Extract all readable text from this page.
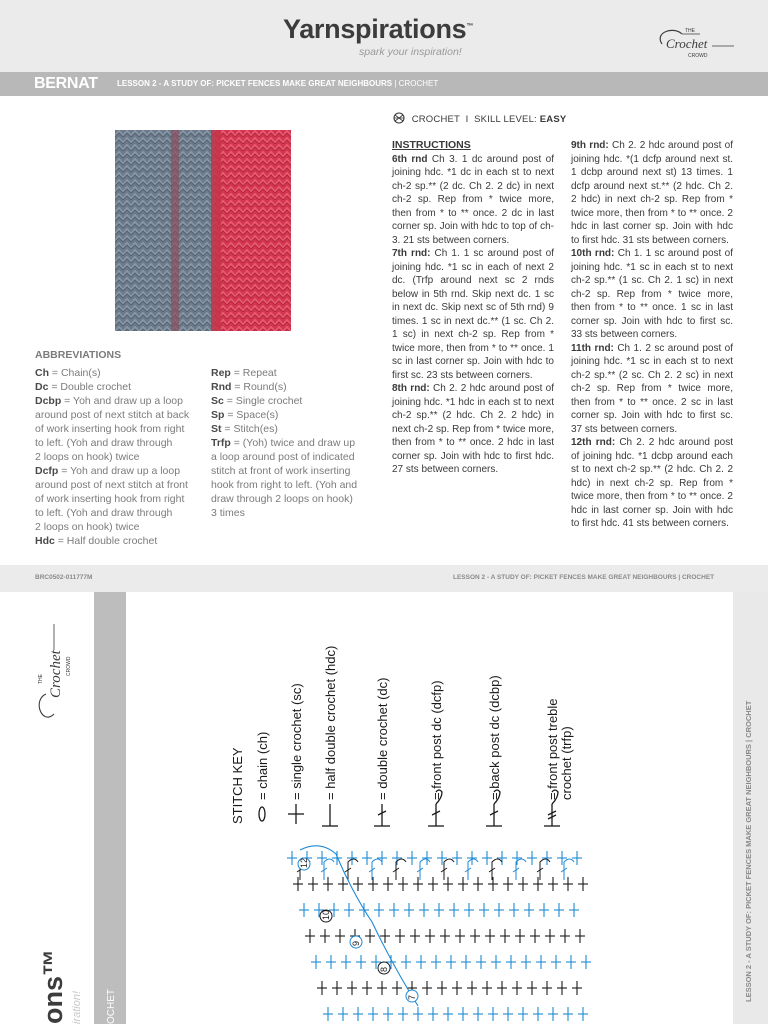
Yarnspirations™
spark your inspiration!
THE
Crochet
CROWD
BERNAT LESSON 2 - A STUDY OF: PICKET FENCES MAKE GREAT NEIGHBOURS | CROCHET
ABBREVIATIONS
Ch = Chain(s)
Dc = Double crochet
Dcbp = Yoh and draw up a loop
around post of next stitch at back
of work inserting hook from right
to left. (Yoh and draw through
2 loops on hook) twice
Dcfp = Yoh and draw up a loop
around post of next stitch at front
of work inserting hook from right
to left. (Yoh and draw through
2 loops on hook) twice
Hdc = Half double crochet
Rep = Repeat
Rnd = Round(s)
Sc = Single crochet
Sp = Space(s)
St = Stitch(es)
Trfp = (Yoh) twice and draw up
a loop around post of indicated
stitch at front of work inserting
hook from right to left. (Yoh and
draw through 2 loops on hook)
3 times
CROCHET I SKILL LEVEL: EASY
INSTRUCTIONS
6th rnd Ch 3. 1 dc around post of joining hdc. *1 dc in each st to next ch-2 sp.** (2 dc. Ch 2. 2 dc) in next ch-2 sp. Rep from * twice more, then from * to ** once. 2 dc in last corner sp. Join with hdc to top of ch-3. 21 sts between corners.
7th rnd: Ch 1. 1 sc around post of joining hdc. *1 sc in each of next 2 dc. (Trfp around next sc 2 rnds below in 5th rnd. Skip next dc. 1 sc in next dc. Skip next sc of 5th rnd) 9 times. 1 sc in next dc.** (1 sc. Ch 2. 1 sc) in next ch-2 sp. Rep from * twice more, then from * to ** once. 1 sc in last corner sp. Join with hdc to first sc. 23 sts between corners.
8th rnd: Ch 2. 2 hdc around post of joining hdc. *1 hdc in each st to next ch-2 sp.** (2 hdc. Ch 2. 2 hdc) in next ch-2 sp. Rep from * twice more, then from * to ** once. 2 hdc in last corner sp. Join with hdc to first hdc. 27 sts between corners.
9th rnd: Ch 2. 2 hdc around post of joining hdc. *(1 dcfp around next st. 1 dcbp around next st) 13 times. 1 dcfp around next st.** (2 hdc. Ch 2. 2 hdc) in next ch-2 sp. Rep from * twice more, then from * to ** once. 2 hdc in last corner sp. Join with hdc to first hdc. 31 sts between corners.
10th rnd: Ch 1. 1 sc around post of joining hdc. *1 sc in each st to next ch-2 sp.** (1 sc. Ch 2. 1 sc) in next ch-2 sp. Rep from * twice more, then from * to ** once. 1 sc in last corner sp. Join with hdc to first sc. 33 sts between corners.
11th rnd: Ch 1. 2 sc around post of joining hdc. *1 sc in each st to next ch-2 sp.** (2 sc. Ch 2. 2 sc) in next ch-2 sp. Rep from * twice more, then from * to ** once. 2 sc in last corner sp. Join with hdc to first sc. 37 sts between corners.
12th rnd: Ch 2. 2 hdc around post of joining hdc. *1 dcbp around each st to next ch-2 sp.** (2 hdc. Ch 2. 2 hdc) in next ch-2 sp. Rep from * twice more, then from * to ** once. 2 hdc in last corner sp. Join with hdc to first hdc. 41 sts between corners.
BRC0502-011777M	LESSON 2 - A STUDY OF: PICKET FENCES MAKE GREAT NEIGHBOURS | CROCHET
THE Crochet CROWD
ons™ iration! OCHET
LESSON 2 - A STUDY OF: PICKET FENCES MAKE GREAT NEIGHBOURS | CROCHET
STITCH KEY = chain (ch) = single crochet (sc) = half double crochet (hdc)	= double crochet (dc)	= front post dc (dcfp)	= back post dc (dcbp)	= front post treble crochet (trfp)
12
10
9
8
7
